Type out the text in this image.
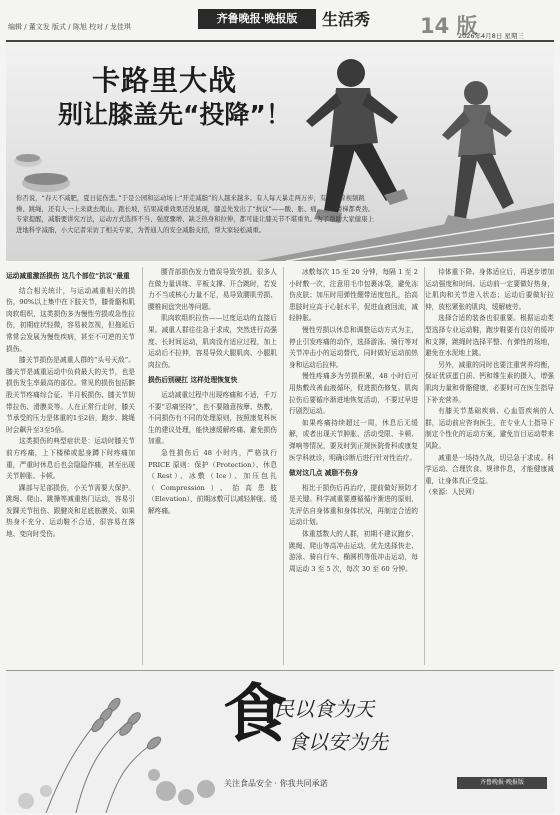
编辑 / 董文发 版式 / 陈旭 校对 / 龙佳琪
齐鲁晚报·晚报版	生活秀 14 版
2026年4月8日 星期三
卡路里大战
别让膝盖先“投降”！
你否说，“春天不减肥，夏日徒伤悲。”于是公园和运动场上“开走减脂”的人越来越多。有人每天暴走两万步，有人跟着视频跳操、跳绳，还有人一上来就去爬山、跑长坡，结果减重效果还没显现，膝盖先发出了“抗议”——酸、胀、痛，上下楼梯都费劲。专家提醒，减脂要讲究方法，运动方式选择不当、强度骤增、缺乏热身和拉伸，都可能让膝关节不堪重负。为了帮助大家健康上进地科学减脂，小大记者采访了相关专家，为普通人的安全减脂支招，帮大家轻松减重。

运动减重激活损伤 这几个部位“抗议”最重

结合相关统计，与运动减重相关的损伤，90%以上集中在下肢关节，膝骨骼和肌肉软组织，这类损伤多为慢性劳损或急性拉伤，初期症状轻微，容易被忽视，但拖延后常常会发展为慢性疾病，甚至不可逆的关节损伤。

膝关节损伤是减重人群的“头号天敌”。膝关节是减重运动中负荷最大的关节，也是损伤发生率最高的部位。常见的损伤包括髌股关节疼痛综合征、半月板损伤、膝关节韧带拉伤、滑膜炎等。人在正常行走时，膝关节承受的压力是体重的1至2倍，跑步、跳绳时会飙升至3至5倍。

这类损伤的典型症状是：运动时膝关节前方疼痛，上下楼梯或起身蹲下时疼痛加重，严重时休息后也会隐隐作痛，甚至出现关节肿胀、卡顿。

踝部与足部损伤，小关节需要大保护。跳绳、爬山、跳操等减重热门运动，容易引发踝关节扭伤、跟腱炎和足底筋膜炎。如果热身不充分、运动鞋不合适，很容易在落地、变向时受伤。

腰背部损伤发力错误导致劳损。很多人在做力量训练、平板支撑、开合跳时，若发力不当或核心力量不足，易导致腰肌劳损、腰椎间盘突出等问题。

肌肉软组织拉伤——过度运动的直接后果。减重人群往往急于求成，突然进行高强度、长时间运动，肌肉没有适应过程，加上运动后不拉伸，容易导致大腿肌肉、小腿肌肉拉伤。

损伤后别硬扛 这样处理恢复快

运动减重过程中出现疼痛和不适，千万不要“忍痛坚持”，也不要随意按摩、热敷，不同损伤有不同的处理原则，按照康复科医生的建议处理，能快速缓解疼痛、避免损伤加重。

急性损伤后 48 小时内，严格执行 PRICE 原则：保护（Protection）、休息（Rest）、冰敷（Ice）、加压包扎（Compression）、抬高患肢（Elevation），前期冰敷可以减轻肿胀、缓解疼痛。

冰敷每次 15 至 20 分钟，每隔 1 至 2 小时敷一次，注意用毛巾包裹冰袋，避免冻伤皮肤；加压时用弹性绷带适度包扎，抬高患肢时应高于心脏水平，促进血液回流，减轻肿胀。

慢性劳损以休息和调整运动方式为主，停止引发疼痛的动作，选择游泳、骑行等对关节冲击小的运动替代，同时做好运动前热身和运动后拉伸。

慢性疼痛多为劳损积累，48 小时后可用热敷改善血液循环，促进损伤修复。肌肉拉伤后要循序渐进地恢复活动，不要过早进行剧烈运动。

如果疼痛持续超过一周，休息后无缓解，或者出现关节肿胀、活动受限、卡顿、弹响等情况，要及时到正规医院骨科或康复医学科就诊，明确诊断后进行针对性治疗。

做对这几点 减脂不伤身

相比于损伤后再治疗，提前做好预防才是关键。科学减重要遵循循序渐进的原则，先评估自身体重和身体状况，再制定合适的运动计划。

体重基数大的人群，初期不建议跑步、跳绳、爬山等高冲击运动，优先选择快走、游泳、骑自行车、椭圆机等低冲击运动，每周运动 3 至 5 次，每次 30 至 60 分钟。

待体重下降、身体适应后，再逐步增加运动强度和时间。运动前一定要做好热身，让肌肉和关节进入状态；运动后要做好拉伸，放松紧张的肌肉，缓解疲劳。

选择合适的装备也很重要。根据运动类型选择专业运动鞋，跑步鞋要有良好的缓冲和支撑，跳绳时选择平整、有弹性的场地，避免在水泥地上跳。

另外，减重的同时也要注重营养均衡，保证优质蛋白质、钙和维生素的摄入，增强肌肉力量和骨骼健康，必要时可在医生指导下补充营养。

有膝关节基础疾病、心血管疾病的人群，运动前应咨询医生，在专业人士指导下制定个性化的运动方案，避免盲目运动带来风险。

减重是一场持久战，切忌急于求成。科学运动、合理饮食、规律作息，才能健康减重，让身体真正受益。

（来源：人民网）

食
民以食为天
食以安为先
关注食品安全 · 你我共同承诺	齐鲁晚报·晚报版
